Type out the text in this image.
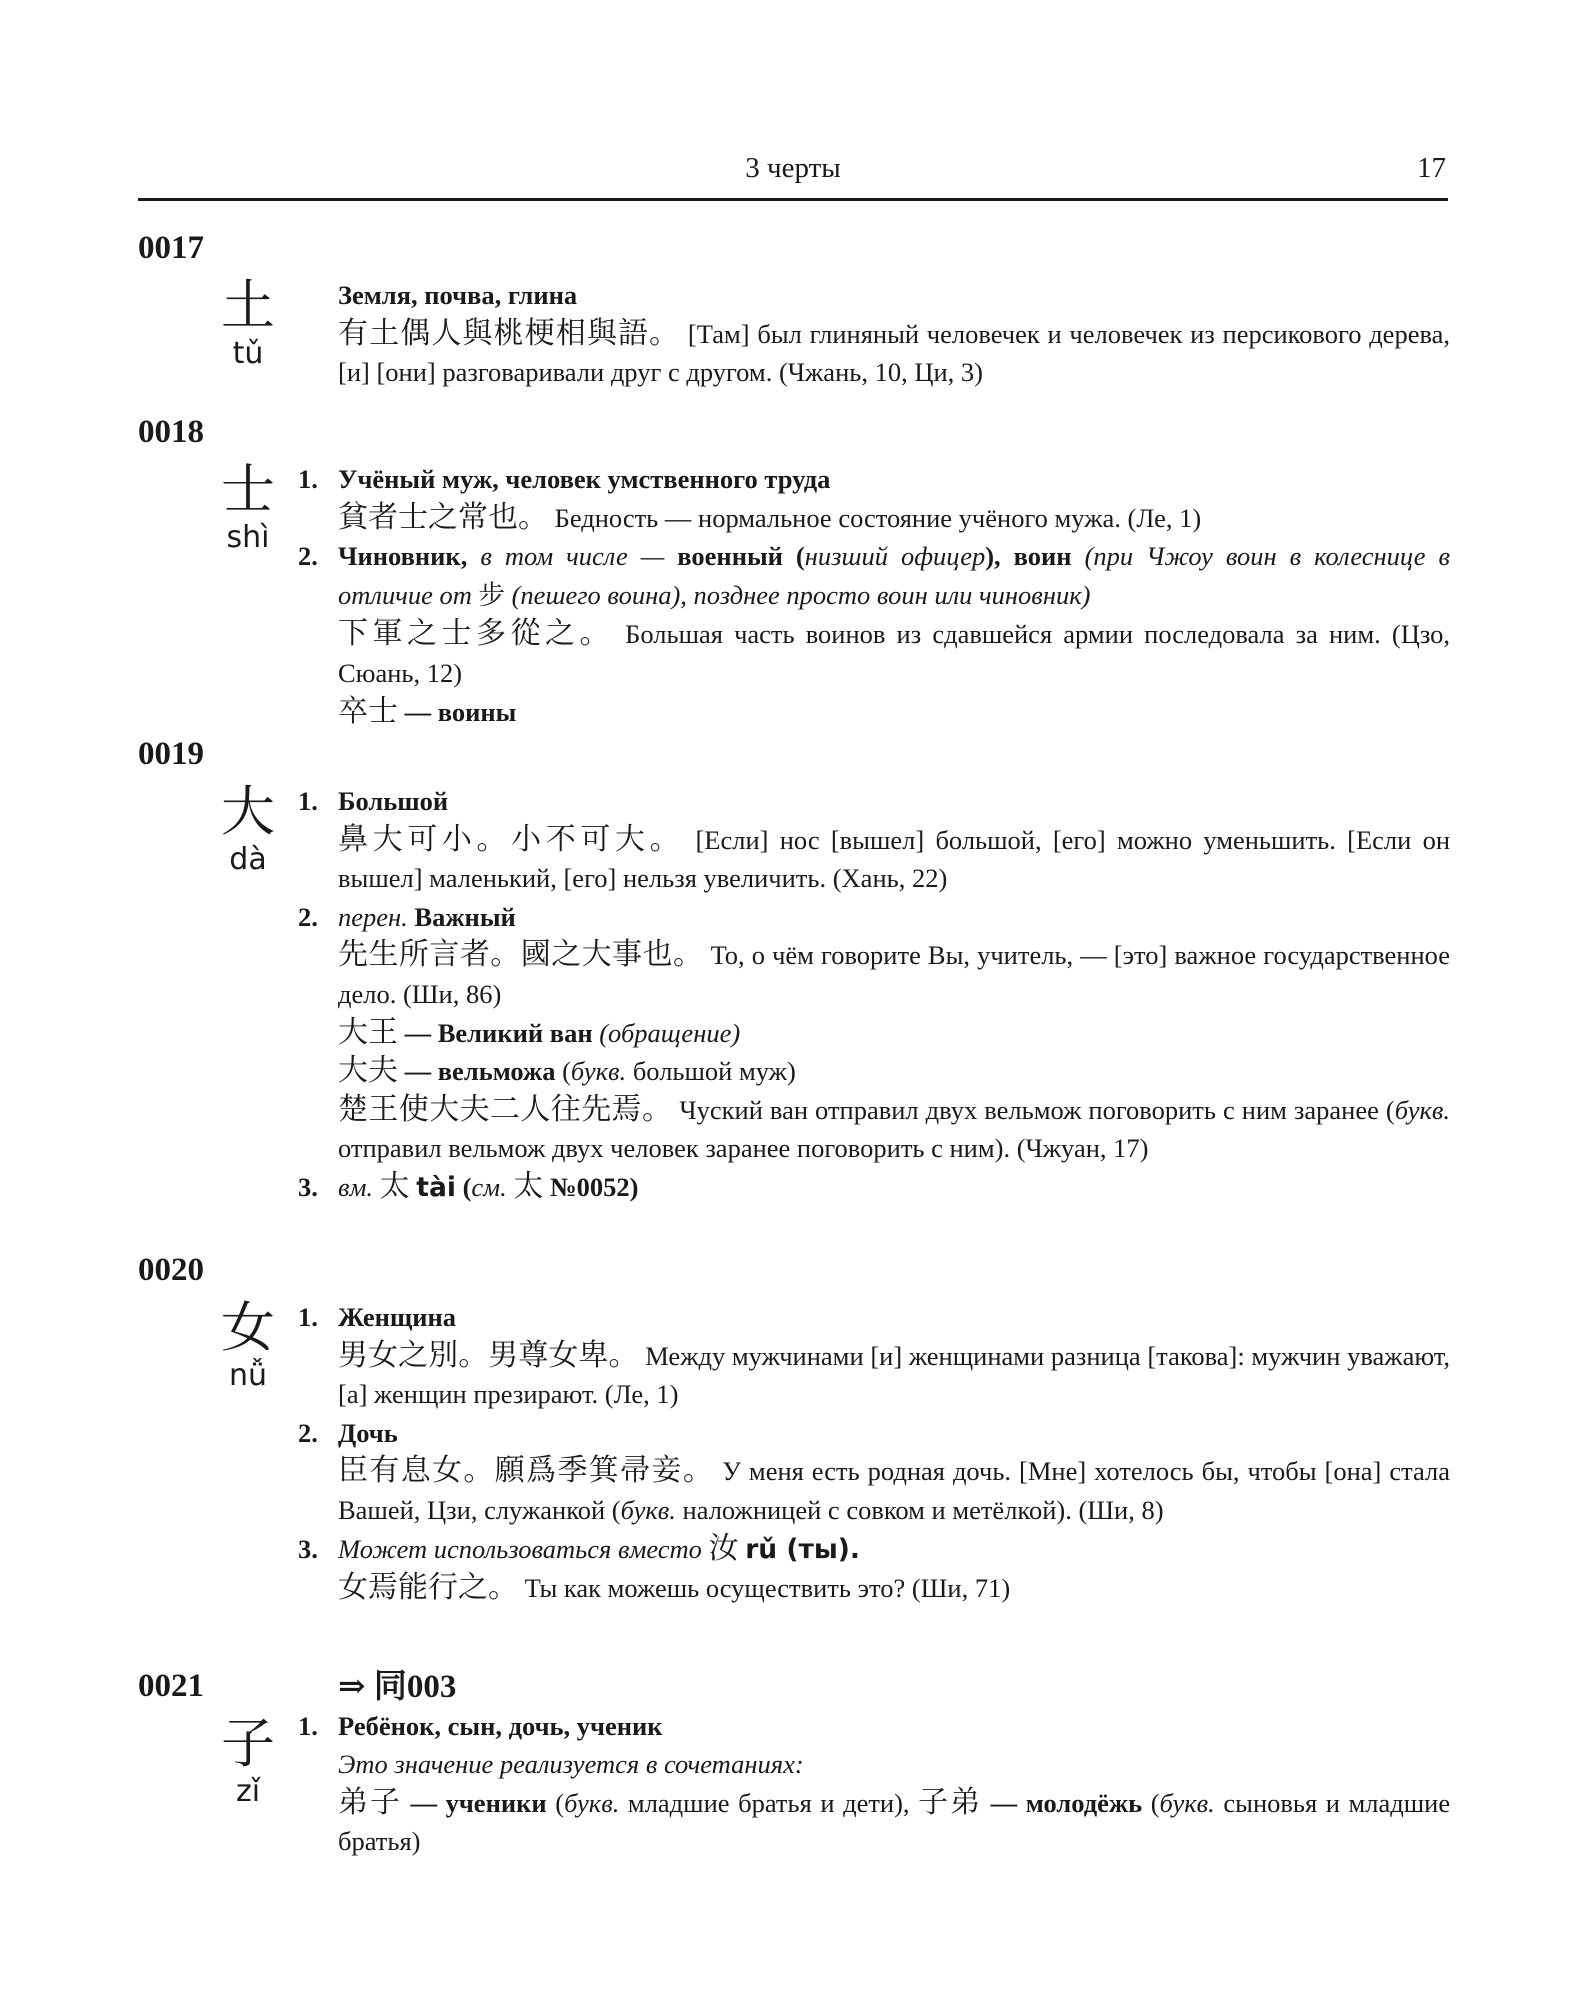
3 черты	17
0017
土
tǔ
Земля, почва, глина
有土偶人與桃梗相與語。 [Там] был глиняный человечек и человечек из персикового дерева, [и] [они] разговаривали друг с другом. (Чжань, 10, Ци, 3)
0018
士
shì
1. Учёный муж, человек умственного труда
貧者士之常也。 Бедность — нормальное состояние учёного мужа. (Ле, 1)
2. Чиновник, в том числе — военный (низший офицер), воин (при Чжоу воин в колеснице в отличие от 步 (пешего воина), позднее просто воин или чиновник)
下軍之士多從之。 Большая часть воинов из сдавшейся армии последовала за ним. (Цзо, Сюань, 12)
卒士 — воины
0019
大
dà
1. Большой
鼻大可小。小不可大。 [Если] нос [вышел] большой, [его] можно уменьшить. [Если он вышел] маленький, [его] нельзя увеличить. (Хань, 22)
2. перен. Важный
先生所言者。國之大事也。 То, о чём говорите Вы, учитель, — [это] важное государственное дело. (Ши, 86)
大王 — Великий ван (обращение)
大夫 — вельможа (букв. большой муж)
楚王使大夫二人往先焉。 Чуский ван отправил двух вельмож поговорить с ним заранее (букв. отправил вельмож двух человек заранее поговорить с ним). (Чжуан, 17)
3. вм. 太 tài (см. 太 №0052)
0020
女
nǚ
1. Женщина
男女之別。男尊女卑。 Между мужчинами [и] женщинами разница [такова]: мужчин уважают, [а] женщин презирают. (Ле, 1)
2. Дочь
臣有息女。願爲季箕帚妾。 У меня есть родная дочь. [Мне] хотелось бы, чтобы [она] стала Вашей, Цзи, служанкой (букв. наложницей с совком и метёлкой). (Ши, 8)
3. Может использоваться вместо 汝 rǔ (ты).
女焉能行之。 Ты как можешь осуществить это? (Ши, 71)
0021
子
zǐ
⇒ 同003
1. Ребёнок, сын, дочь, ученик
Это значение реализуется в сочетаниях:
弟子 — ученики (букв. младшие братья и дети), 子弟 — молодёжь (букв. сыновья и младшие братья)
